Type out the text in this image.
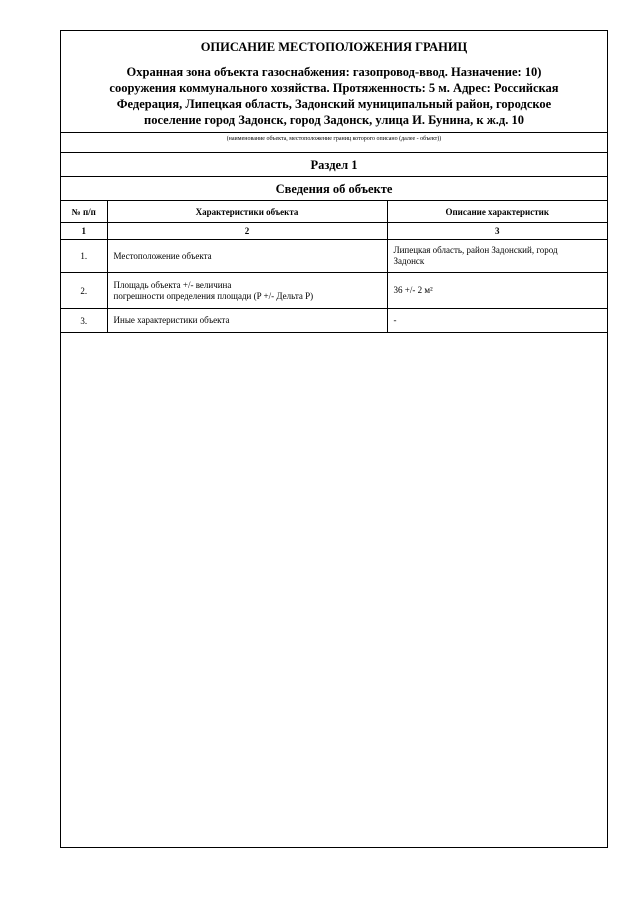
ОПИСАНИЕ МЕСТОПОЛОЖЕНИЯ ГРАНИЦ
Охранная зона объекта газоснабжения: газопровод-ввод. Назначение: 10)
сооружения коммунального хозяйства. Протяженность: 5 м. Адрес: Российская
Федерация, Липецкая область, Задонский муниципальный район, городское
поселение город Задонск, город Задонск, улица И. Бунина, к ж.д. 10
(наименование объекта, местоположение границ которого описано (далее - объект))
Раздел 1
Сведения об объекте
№ п/п	Характеристики объекта	Описание характеристик
1	2	3
1.	Местоположение объекта	Липецкая область, район Задонский, город
Задонск

2.	Площадь объекта +/- величина
погрешности определения площади (P +/- Дельта P)	36 +/- 2 м²

3.	Иные характеристики объекта	-
